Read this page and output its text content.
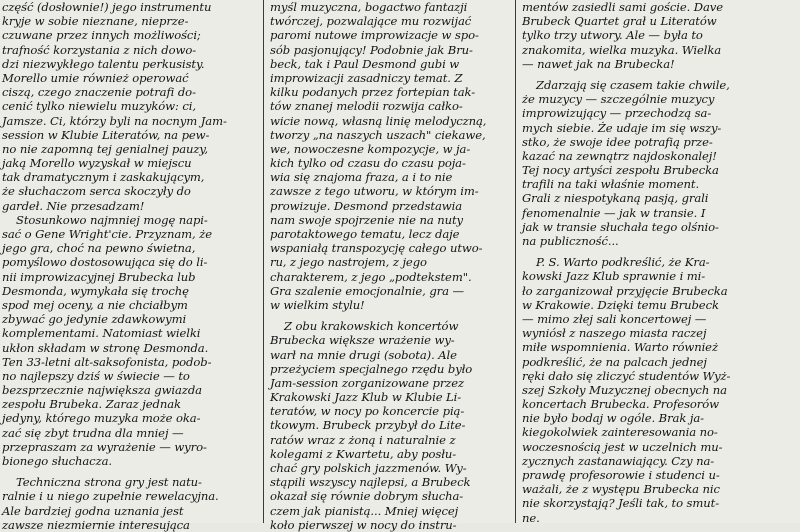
część (dosłownie!) jego instrumentu
kryje w sobie nieznane, nieprze-
czuwane przez innych możliwości;
trafność korzystania z nich dowo-
dzi niezwykłego talentu perkusisty.
Morello umie również operować
ciszą, czego znaczenie potrafi do-
cenić tylko niewielu muzyków: ci,
Jamsze. Ci, którzy byli na nocnym Jam-
session w Klubie Literatów, na pew-
no nie zapomną tej genialnej pauzy,
jaką Morello wyzyskał w miejscu
tak dramatycznym i zaskakującym,
że słuchaczom serca skoczyły do
gardeł. Nie przesadzam!
Stosunkowo najmniej mogę napi-
sać o Gene Wright'cie. Przyznam, że
jego gra, choć na pewno świetna,
pomyślowo dostosowująca się do li-
nii improwizacyjnej Brubecka lub
Desmonda, wymykała się trochę
spod mej oceny, a nie chciałbym
zbywać go jedynie zdawkowymi
komplementami. Natomiast wielki
ukłon składam w stronę Desmonda.
Ten 33-letni alt-saksofonista, podob-
no najlepszy dziś w świecie — to
bezsprzecznie największa gwiazda
zespołu Brubeka. Zaraz jednak
jedyny, którego muzyka może oka-
zać się zbyt trudna dla mniej —
przepraszam za wyrażenie — wyro-
bionego słuchacza.
Techniczna strona gry jest natu-
ralnie i u niego zupełnie rewelacyjna.
Ale bardziej godna uznania jest
zawsze niezmiernie interesująca
myśl muzyczna, bogactwo fantazji
twórczej, pozwalające mu rozwijać
paromi nutowe improwizacje w spo-
sób pasjonujący! Podobnie jak Bru-
beck, tak i Paul Desmond gubi w
improwizacji zasadniczy temat. Z
kilku podanych przez fortepian tak-
tów znanej melodii rozwija całko-
wicie nową, własną linię melodyczną,
tworzy „na naszych uszach" ciekawe,
we, nowoczesne kompozycje, w ja-
kich tylko od czasu do czasu poja-
wia się znajoma fraza, a i to nie
zawsze z tego utworu, w którym im-
prowizuje. Desmond przedstawia
nam swoje spojrzenie nie na nuty
parotaktowego tematu, lecz daje
wspaniałą transpozycję całego utwo-
ru, z jego nastrojem, z jego
charakterem, z jego „podtekstem".
Gra szalenie emocjonalnie, gra —
w wielkim stylu!
Z obu krakowskich koncertów
Brubecka większe wrażenie wy-
warł na mnie drugi (sobota). Ale
przeżyciem specjalnego rzędu było
Jam-session zorganizowane przez
Krakowski Jazz Klub w Klubie Li-
teratów, w nocy po koncercie pią-
tkowym. Brubeck przybył do Lite-
ratów wraz z żoną i naturalnie z
kolegami z Kwartetu, aby posłu-
chać gry polskich jazzmenów. Wy-
stąpili wszyscy najlepsi, a Brubeck
okazał się równie dobrym słucha-
czem jak pianistą... Mniej więcej
koło pierwszej w nocy do instru-
mentów zasiedli sami goście. Dave
Brubeck Quartet grał u Literatów
tylko trzy utwory. Ale — była to
znakomita, wielka muzyka. Wielka
— nawet jak na Brubecka!
Zdarzają się czasem takie chwile,
że muzycy — szczególnie muzycy
improwizujący — przechodzą sa-
mych siebie. Że udaje im się wszy-
stko, że swoje idee potrafią prze-
kazać na zewnątrz najdoskonalej!
Tej nocy artyści zespołu Brubecka
trafili na taki właśnie moment.
Grali z niespotykaną pasją, grali
fenomenalnie — jak w transie. I
jak w transie słuchała tego olśnio-
na publiczność...
P. S. Warto podkreślić, że Kra-
kowski Jazz Klub sprawnie i mi-
ło zarganizował przyjęcie Brubecka
w Krakowie. Dzięki temu Brubeck
— mimo złej sali koncertowej —
wyniósł z naszego miasta raczej
miłe wspomnienia. Warto również
podkreślić, że na palcach jednej
ręki dało się zliczyć studentów Wyż-
szej Szkoły Muzycznej obecnych na
koncertach Brubecka. Profesorów
nie było bodaj w ogóle. Brak ja-
kiegokolwiek zainteresowania no-
woczesnością jest w uczelnich mu-
zycznych zastanawiający. Czy na-
prawdę profesorowie i studenci u-
ważali, że z występu Brubecka nic
nie skorzystają? Jeśli tak, to smut-
ne.
